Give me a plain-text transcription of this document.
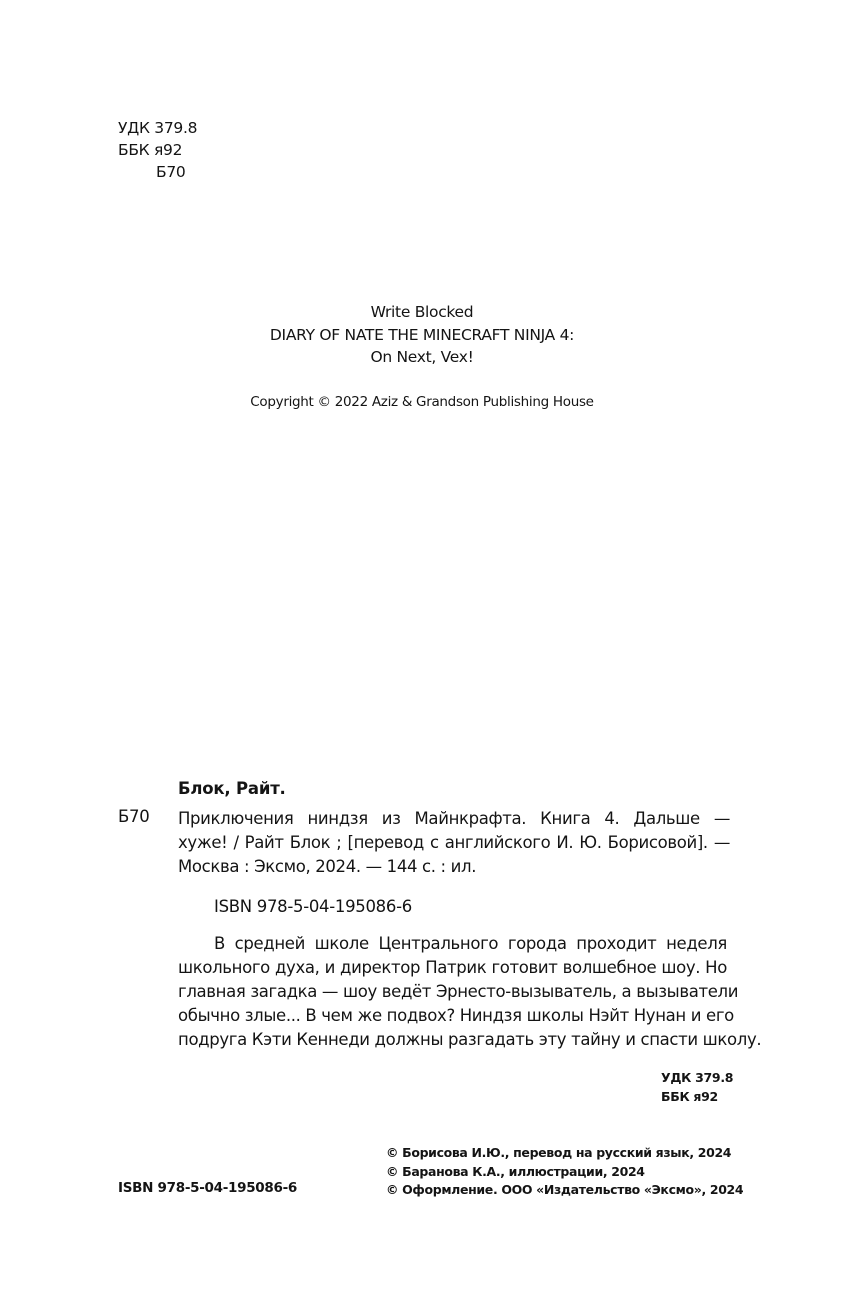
УДК 379.8
ББК я92
Б70
Write Blocked
DIARY OF NATE THE MINECRAFT NINJA 4:
On Next, Vex!
Copyright © 2022 Aziz & Grandson Publishing House
Блок, Райт.
Б70 Приключения ниндзя из Майнкрафта. Книга 4. Дальше —
хуже! / Райт Блок ; [перевод с английского И. Ю. Борисовой]. —
Москва : Эксмо, 2024. — 144 с. : ил.
ISBN 978-5-04-195086-6
В средней школе Центрального города проходит неделя
школьного духа, и директор Патрик готовит волшебное шоу. Но
главная загадка — шоу ведёт Эрнесто-вызыватель, а вызыватели
обычно злые... В чем же подвох? Ниндзя школы Нэйт Нунан и его
подруга Кэти Кеннеди должны разгадать эту тайну и спасти школу.
УДК 379.8
ББК я92
ISBN 978-5-04-195086-6
© Борисова И.Ю., перевод на русский язык, 2024
© Баранова К.А., иллюстрации, 2024
© Оформление. ООО «Издательство «Эксмо», 2024
